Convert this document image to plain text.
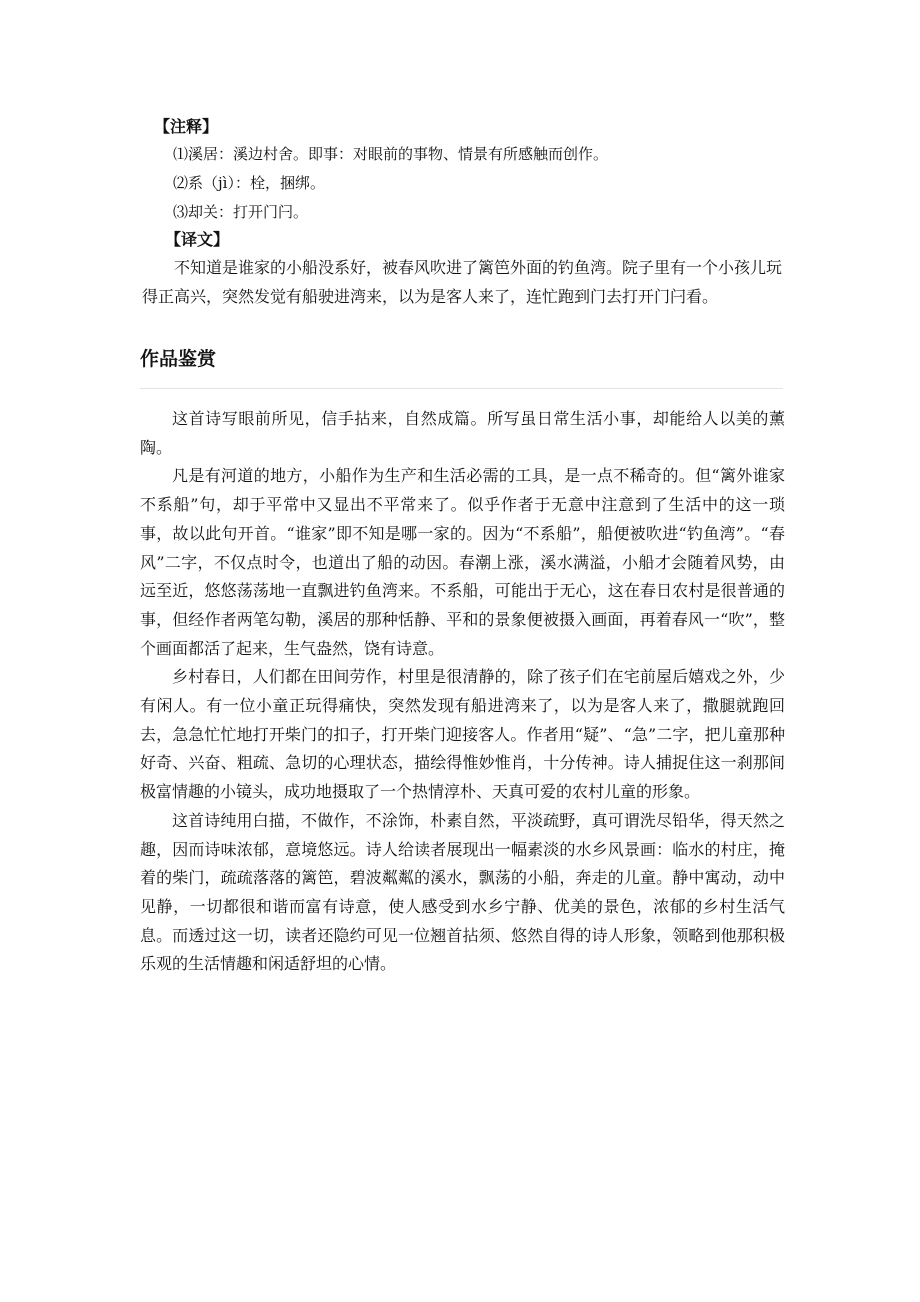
【注释】
⑴溪居：溪边村舍。即事：对眼前的事物、情景有所感触而创作。
⑵系（jì）：栓，捆绑。
⑶却关：打开门闩。
【译文】

不知道是谁家的小船没系好，被春风吹进了篱笆外面的钓鱼湾。院子里有一个小孩儿玩得正高兴，突然发觉有船驶进湾来，以为是客人来了，连忙跑到门去打开门闩看。

作品鉴赏

这首诗写眼前所见，信手拈来，自然成篇。所写虽日常生活小事，却能给人以美的薰陶。

凡是有河道的地方，小船作为生产和生活必需的工具，是一点不稀奇的。但“篱外谁家不系船”句，却于平常中又显出不平常来了。似乎作者于无意中注意到了生活中的这一琐事，故以此句开首。“谁家”即不知是哪一家的。因为“不系船”，船便被吹进“钓鱼湾”。“春风”二字，不仅点时令，也道出了船的动因。春潮上涨，溪水满溢，小船才会随着风势，由远至近，悠悠荡荡地一直飘进钓鱼湾来。不系船，可能出于无心，这在春日农村是很普通的事，但经作者两笔勾勒，溪居的那种恬静、平和的景象便被摄入画面，再着春风一“吹”，整个画面都活了起来，生气盎然，饶有诗意。

乡村春日，人们都在田间劳作，村里是很清静的，除了孩子们在宅前屋后嬉戏之外，少有闲人。有一位小童正玩得痛快，突然发现有船进湾来了，以为是客人来了，撒腿就跑回去，急急忙忙地打开柴门的扣子，打开柴门迎接客人。作者用“疑”、“急”二字，把儿童那种好奇、兴奋、粗疏、急切的心理状态，描绘得惟妙惟肖，十分传神。诗人捕捉住这一刹那间极富情趣的小镜头，成功地摄取了一个热情淳朴、天真可爱的农村儿童的形象。

这首诗纯用白描，不做作，不涂饰，朴素自然，平淡疏野，真可谓洗尽铅华，得天然之趣，因而诗味浓郁，意境悠远。诗人给读者展现出一幅素淡的水乡风景画：临水的村庄，掩着的柴门，疏疏落落的篱笆，碧波粼粼的溪水，飘荡的小船，奔走的儿童。静中寓动，动中见静，一切都很和谐而富有诗意，使人感受到水乡宁静、优美的景色，浓郁的乡村生活气息。而透过这一切，读者还隐约可见一位翘首拈须、悠然自得的诗人形象，领略到他那积极乐观的生活情趣和闲适舒坦的心情。
